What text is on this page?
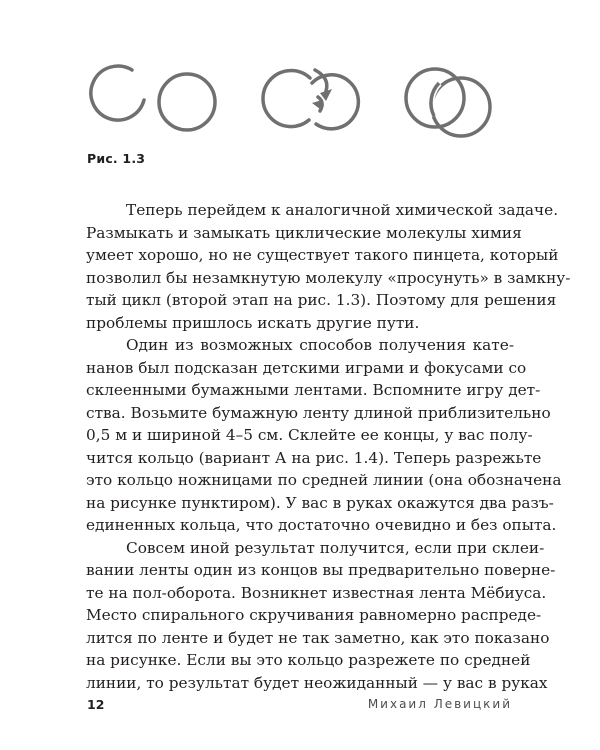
Рис. 1.3
Теперь перейдем к аналогичной химической задаче.
Размыкать и замыкать циклические молекулы химия
умеет хорошо, но не существует такого пинцета, который
позволил бы незамкнутую молекулу «просунуть» в замкну-
тый цикл (второй этап на рис. 1.3). Поэтому для решения
проблемы пришлось искать другие пути.
Один из возможных способов получения катe-
нанов был подсказан детскими играми и фокусами со
склеенными бумажными лентами. Вспомните игру дет-
ства. Возьмите бумажную ленту длиной приблизительно
0,5 м и шириной 4–5 см. Склейте ее концы, у вас полу-
чится кольцо (вариант А на рис. 1.4). Теперь разрежьте
это кольцо ножницами по средней линии (она обозначена
на рисунке пунктиром). У вас в руках окажутся два разъ-
единенных кольца, что достаточно очевидно и без опыта.
Совсем иной результат получится, если при склеи-
вании ленты один из концов вы предварительно поверне-
те на пол-оборота. Возникнет известная лента Мёбиуса.
Место спирального скручивания равномерно распреде-
лится по ленте и будет не так заметно, как это показано
на рисунке. Если вы это кольцо разрежете по средней
линии, то результат будет неожиданный — у вас в руках
12	Михаил Левицкий
